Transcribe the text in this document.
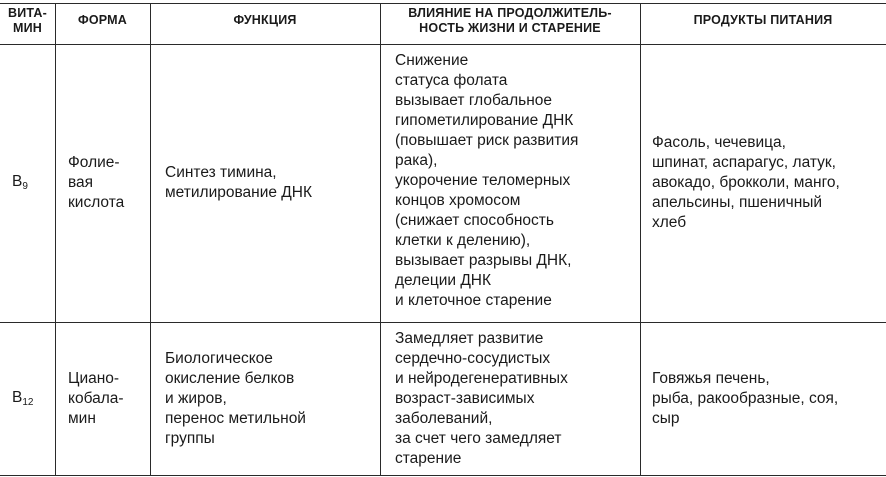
ВИТА-
МИН
ФОРМА	ФУНКЦИЯ	ВЛИЯНИЕ НА ПРОДОЛЖИТЕЛЬ-
НОСТЬ ЖИЗНИ И СТАРЕНИЕ
ПРОДУКТЫ ПИТАНИЯ
$B_9$
Фолие-
вая
кислота
Синтез тимина,
метилирование ДНК
Снижение
статуса фолата
вызывает глобальное
гипометилирование ДНК
(повышает риск развития
рака),
укорочение теломерных
концов хромосом
(снижает способность
клетки к делению),
вызывает разрывы ДНК,
делеции ДНК
и клеточное старение
Фасоль, чечевица,
шпинат, аспарагус, латук,
авокадо, брокколи, манго,
апельсины, пшеничный
хлеб
$B_{12}$
Циано-
кобала-
мин
Биологическое
окисление белков
и жиров,
перенос метильной
группы
Замедляет развитие
сердечно-сосудистых
и нейродегенеративных
возраст-зависимых
заболеваний,
за счет чего замедляет
старение
Говяжья печень,
рыба, ракообразные, соя,
сыр
